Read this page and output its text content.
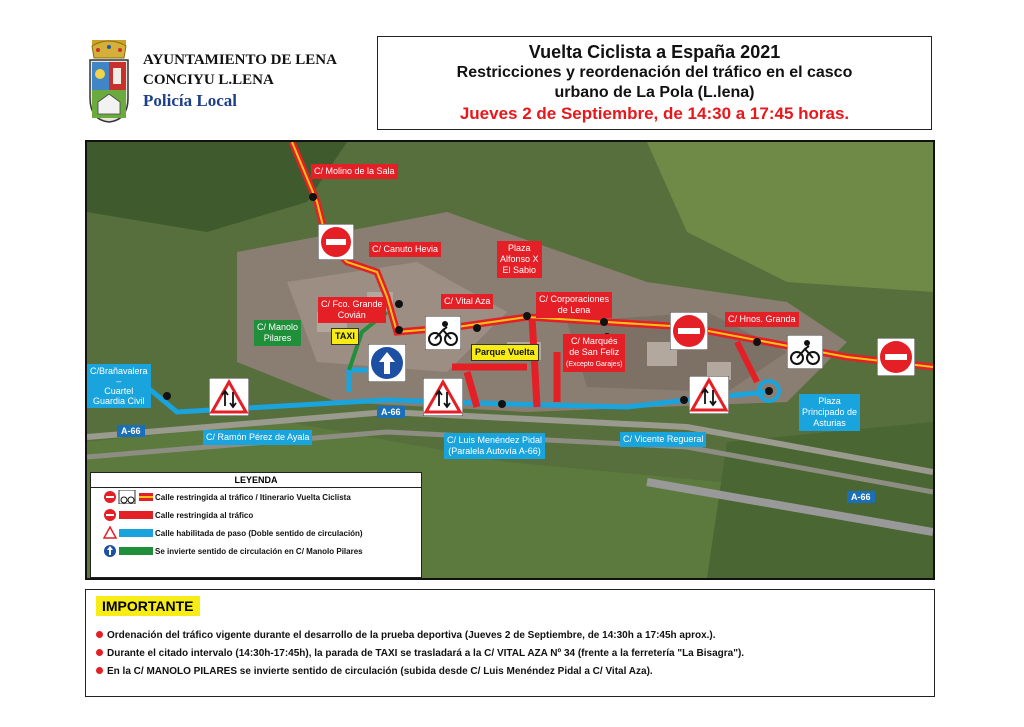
AYUNTAMIENTO DE LENA
CONCIYU L.LENA
Policía Local
Vuelta Ciclista a España 2021
Restricciones y reordenación del tráfico en el casco
urbano de La Pola (L.lena)
Jueves 2 de Septiembre, de 14:30 a 17:45 horas.
C/ Molino de la Sala
C/ Canuto Hevia	Plaza
Alfonso X
El Sabio
C/ Vital Aza	C/ Corporaciones
de Lena
C/ Fco. Grande
Covián	C/ Hnos. Granda
C/ Manolo
Pilares	TAXI
Parque Vuelta
C/ Marqués
de San Feliz
(Excepto Garajes)
C/Brañavalera
–
Cuartel
Guardia Civil
C/ Ramón Pérez de Ayala	C/ Luis Menéndez Pidal
(Paralela Autovía A-66)
C/ Vicente Regueral
Plaza
Principado de
Asturias
A-66
A-66
A-66
LEYENDA
Calle restringida al tráfico / Itinerario Vuelta Ciclista
Calle restringida al tráfico
Calle habilitada de paso (Doble sentido de circulación)
Se invierte sentido de circulación en C/ Manolo Pilares
IMPORTANTE
Ordenación del tráfico vigente durante el desarrollo de la prueba deportiva (Jueves 2 de Septiembre, de 14:30h a 17:45h aprox.).
Durante el citado intervalo (14:30h-17:45h), la parada de TAXI se trasladará a la C/ VITAL AZA Nº 34 (frente a la ferretería "La Bisagra").
En la C/ MANOLO PILARES se invierte sentido de circulación (subida desde C/ Luis Menéndez Pidal a C/ Vital Aza).
